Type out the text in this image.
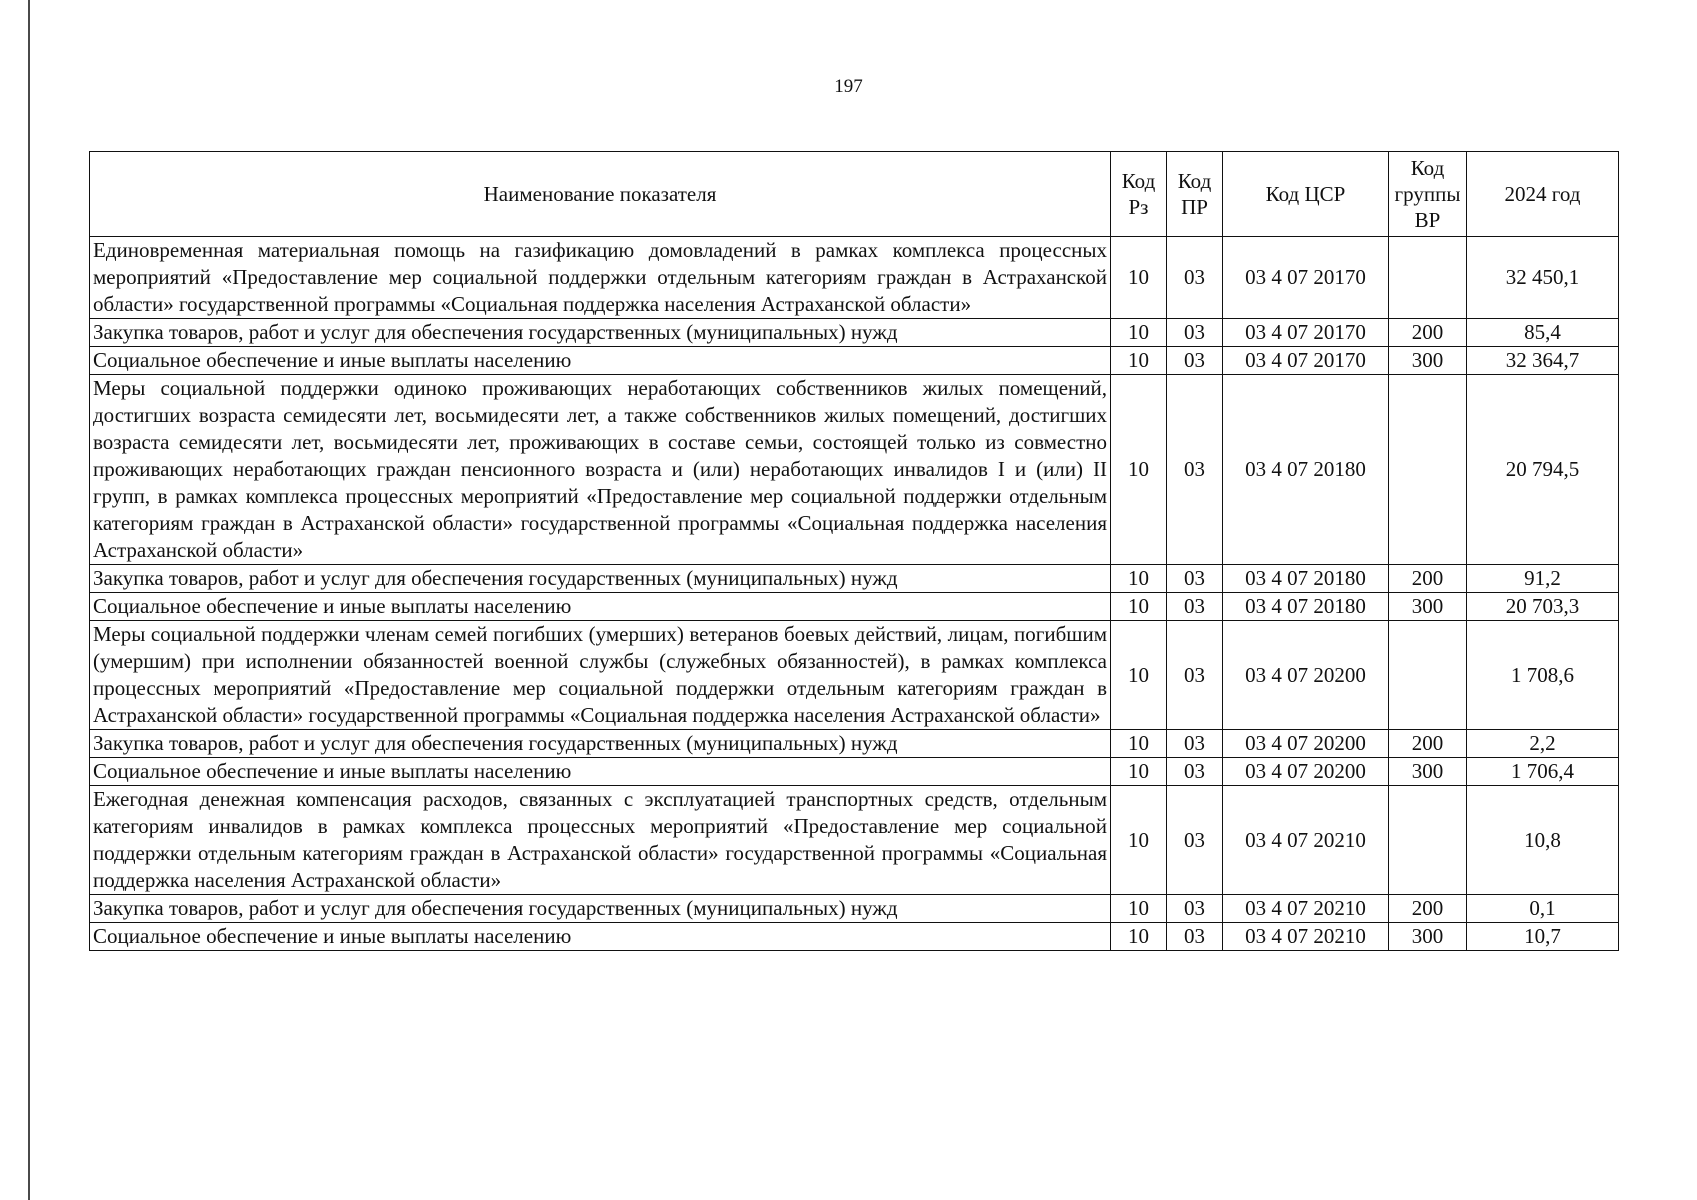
197
Наименование показателя	Код Рз	Код ПР	Код ЦСР	Код группы ВР	2024 год
Единовременная материальная помощь на газификацию домовладений в рамках комплекса процессных мероприятий «Предоставление мер социальной поддержки отдельным категориям граждан в Астраханской области» государственной программы «Социальная поддержка населения Астраханской области»	10	03	03 4 07 20170		32 450,1
Закупка товаров, работ и услуг для обеспечения государственных (муниципальных) нужд	10	03	03 4 07 20170	200	85,4
Социальное обеспечение и иные выплаты населению	10	03	03 4 07 20170	300	32 364,7
Меры социальной поддержки одиноко проживающих неработающих собственников жилых помещений, достигших возраста семидесяти лет, восьмидесяти лет, а также собственников жилых помещений, достигших возраста семидесяти лет, восьмидесяти лет, проживающих в составе семьи, состоящей только из совместно проживающих неработающих граждан пенсионного возраста и (или) неработающих инвалидов I и (или) II групп, в рамках комплекса процессных мероприятий «Предоставление мер социальной поддержки отдельным категориям граждан в Астраханской области» государственной программы «Социальная поддержка населения Астраханской области»	10	03	03 4 07 20180		20 794,5
Закупка товаров, работ и услуг для обеспечения государственных (муниципальных) нужд	10	03	03 4 07 20180	200	91,2
Социальное обеспечение и иные выплаты населению	10	03	03 4 07 20180	300	20 703,3
Меры социальной поддержки членам семей погибших (умерших) ветеранов боевых действий, лицам, погибшим (умершим) при исполнении обязанностей военной службы (служебных обязанностей), в рамках комплекса процессных мероприятий «Предоставление мер социальной поддержки отдельным категориям граждан в Астраханской области» государственной программы «Социальная поддержка населения Астраханской области»	10	03	03 4 07 20200		1 708,6
Закупка товаров, работ и услуг для обеспечения государственных (муниципальных) нужд	10	03	03 4 07 20200	200	2,2
Социальное обеспечение и иные выплаты населению	10	03	03 4 07 20200	300	1 706,4
Ежегодная денежная компенсация расходов, связанных с эксплуатацией транспортных средств, отдельным категориям инвалидов в рамках комплекса процессных мероприятий «Предоставление мер социальной поддержки отдельным категориям граждан в Астраханской области» государственной программы «Социальная поддержка населения Астраханской области»	10	03	03 4 07 20210		10,8
Закупка товаров, работ и услуг для обеспечения государственных (муниципальных) нужд	10	03	03 4 07 20210	200	0,1
Социальное обеспечение и иные выплаты населению	10	03	03 4 07 20210	300	10,7
